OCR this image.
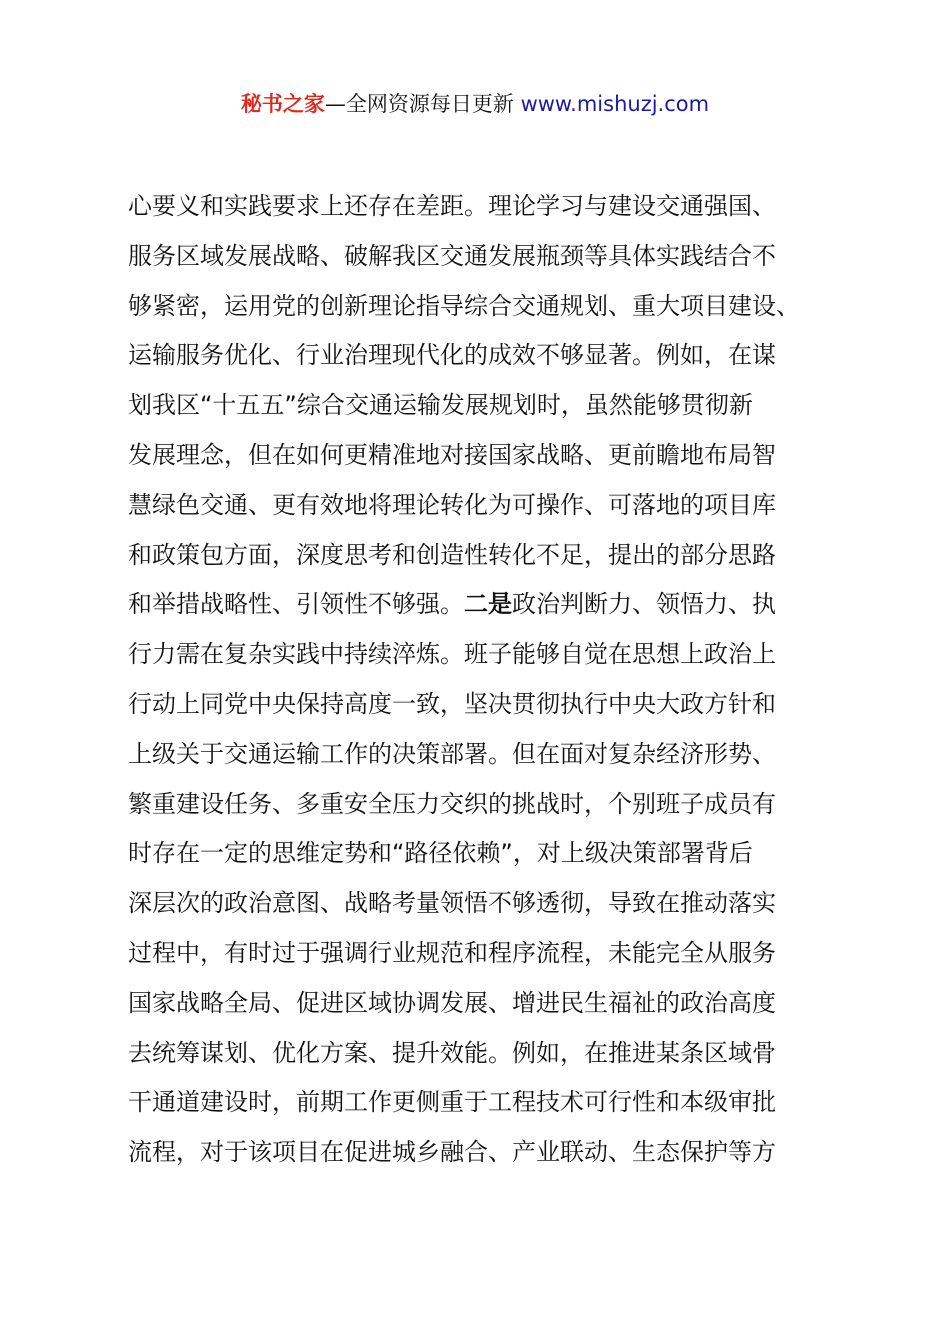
秘书之家—全网资源每日更新 www.mishuzj.com
心要义和实践要求上还存在差距。理论学习与建设交通强国、
服务区域发展战略、破解我区交通发展瓶颈等具体实践结合不
够紧密，运用党的创新理论指导综合交通规划、重大项目建设、
运输服务优化、行业治理现代化的成效不够显著。例如，在谋
划我区“十五五”综合交通运输发展规划时，虽然能够贯彻新
发展理念，但在如何更精准地对接国家战略、更前瞻地布局智
慧绿色交通、更有效地将理论转化为可操作、可落地的项目库
和政策包方面，深度思考和创造性转化不足，提出的部分思路
和举措战略性、引领性不够强。二是政治判断力、领悟力、执
行力需在复杂实践中持续淬炼。班子能够自觉在思想上政治上
行动上同党中央保持高度一致，坚决贯彻执行中央大政方针和
上级关于交通运输工作的决策部署。但在面对复杂经济形势、
繁重建设任务、多重安全压力交织的挑战时，个别班子成员有
时存在一定的思维定势和“路径依赖”，对上级决策部署背后
深层次的政治意图、战略考量领悟不够透彻，导致在推动落实
过程中，有时过于强调行业规范和程序流程，未能完全从服务
国家战略全局、促进区域协调发展、增进民生福祉的政治高度
去统筹谋划、优化方案、提升效能。例如，在推进某条区域骨
干通道建设时，前期工作更侧重于工程技术可行性和本级审批
流程，对于该项目在促进城乡融合、产业联动、生态保护等方
